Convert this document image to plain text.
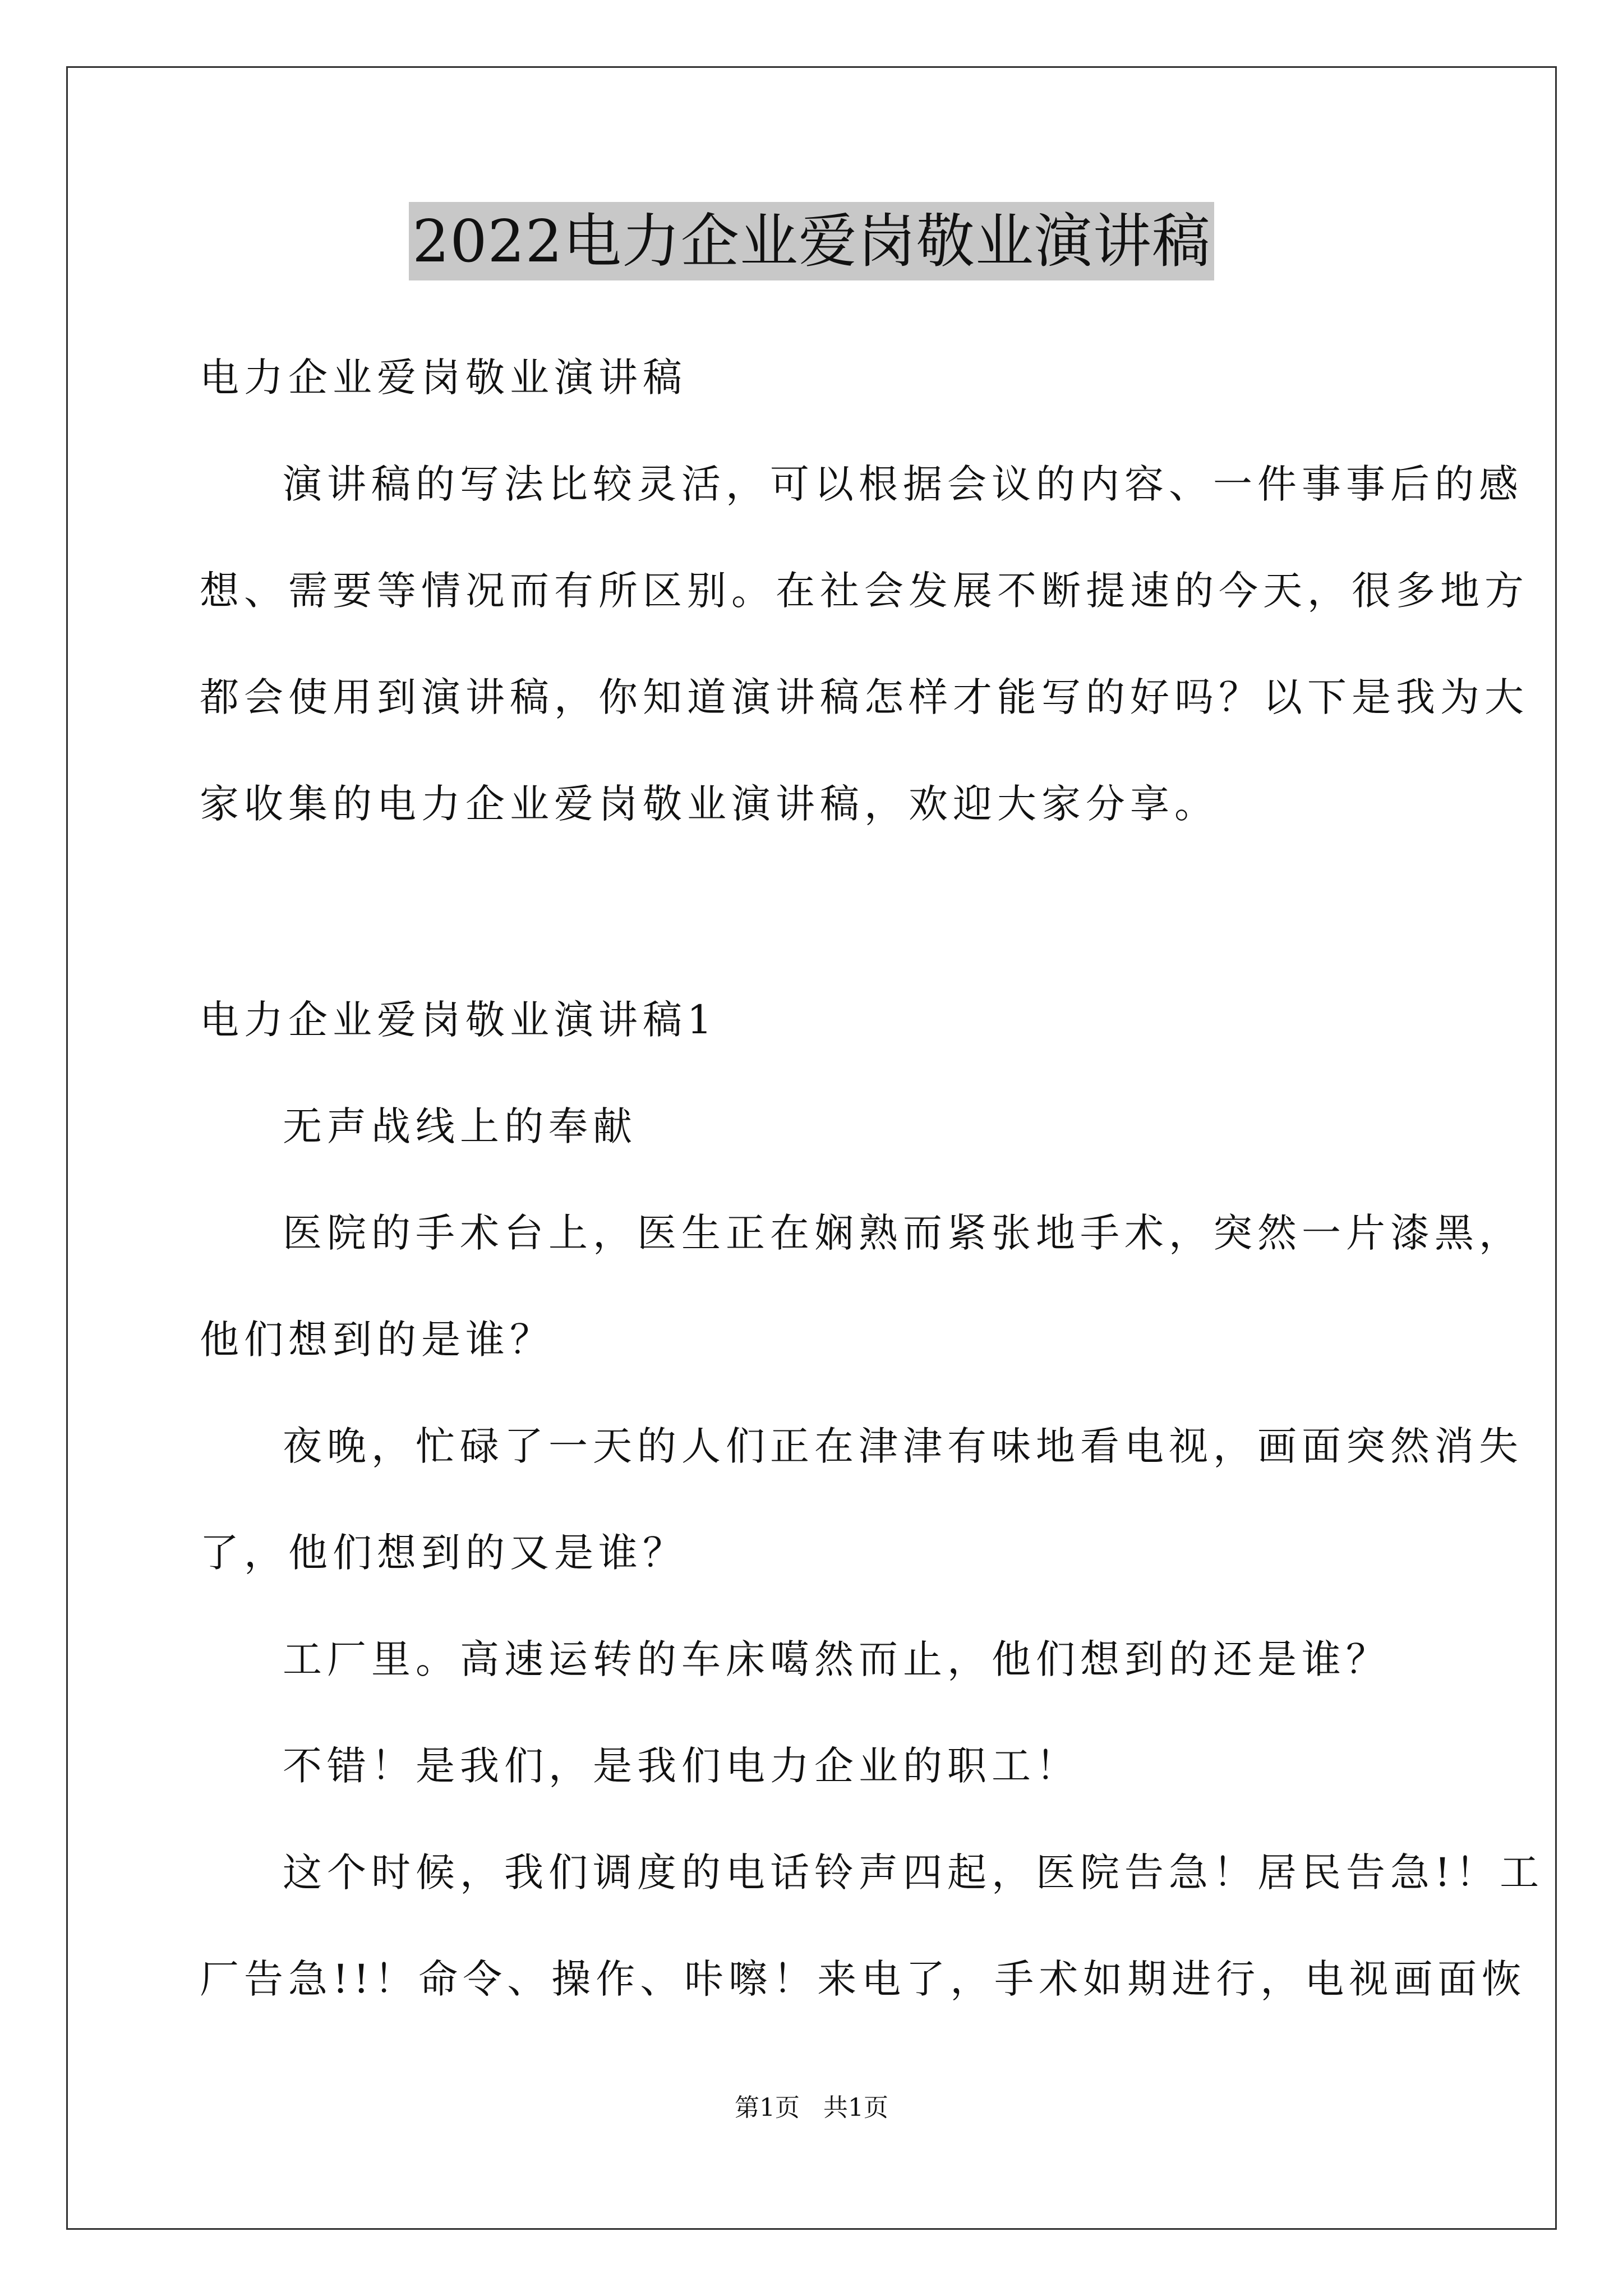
2022电力企业爱岗敬业演讲稿
电力企业爱岗敬业演讲稿
演讲稿的写法比较灵活，可以根据会议的内容、一件事事后的感
想、需要等情况而有所区别。在社会发展不断提速的今天，很多地方
都会使用到演讲稿，你知道演讲稿怎样才能写的好吗？以下是我为大
家收集的电力企业爱岗敬业演讲稿，欢迎大家分享。
电力企业爱岗敬业演讲稿1
无声战线上的奉献
医院的手术台上，医生正在娴熟而紧张地手术，突然一片漆黑，
他们想到的是谁？
夜晚，忙碌了一天的人们正在津津有味地看电视，画面突然消失
了，他们想到的又是谁？
工厂里。高速运转的车床噶然而止，他们想到的还是谁？
不错！是我们，是我们电力企业的职工！
这个时候，我们调度的电话铃声四起，医院告急！居民告急!！工
厂告急!!！命令、操作、咔嚓！来电了，手术如期进行，电视画面恢
第1页   共1页
